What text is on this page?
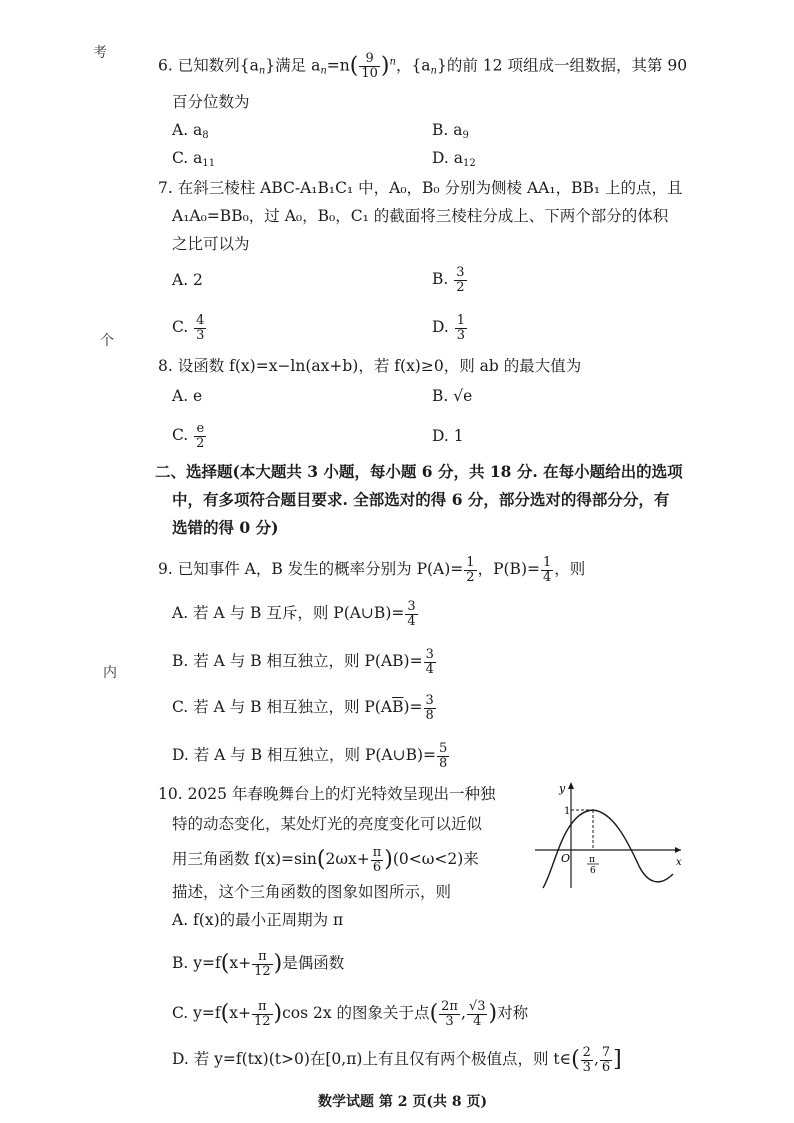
考
个
内
6. 已知数列$\{a_n\}$满足 $a_n=n( \frac{9}{10} )^n$，$\{a_n\}$的前 12 项组成一组数据，其第 90
百分位数为
A. $a_8$	B. $a_9$
C. $a_{11}$	D. $a_{12}$
7. 在斜三棱柱 ABC-A₁B₁C₁ 中，A₀，B₀ 分别为侧棱 AA₁，BB₁ 上的点，且
A₁A₀=BB₀，过 A₀，B₀，C₁ 的截面将三棱柱分成上、下两个部分的体积
之比可以为
A. 2	B. $\frac{3}{2}$
C. $\frac{4}{3}$	D. $\frac{1}{3}$
8. 设函数 f(x)=x−ln(ax+b)，若 f(x)≥0，则 ab 的最大值为
A. e	B. √e
C. $\frac{e}{2}$	D. 1
二、选择题(本大题共 3 小题，每小题 6 分，共 18 分. 在每小题给出的选项
中，有多项符合题目要求. 全部选对的得 6 分，部分选对的得部分分，有
选错的得 0 分)
9. 已知事件 A，B 发生的概率分别为 $P(A)= \frac{1}{2}$ ，$P(B)= \frac{1}{4}$ ，则
A. 若 A 与 B 互斥，则 P(A∪B)= $\frac{3}{4}$
B. 若 A 与 B 相互独立，则 $P(AB)= \frac{3}{4}$
C. 若 A 与 B 相互独立，则 $P(A\overline{B})= \frac{3}{8}$
D. 若 A 与 B 相互独立，则 P(A∪B)= $\frac{5}{8}$
10. 2025 年春晚舞台上的灯光特效呈现出一种独
特的动态变化，某处灯光的亮度变化可以近似
用三角函数 $f(x)=\sin(2\omega x+ \frac{\pi}{6} )(0<\omega<2)$来
描述，这个三角函数的图象如图所示，则
A. f(x)的最小正周期为 π
B. $y=f(x+ \frac{\pi}{12}$ )是偶函数
C. $y=f(x+ \frac{\pi}{12} )\cos$ 2x 的图象关于点( $\frac{2\pi}{3}$ , $\frac{√3}{4}$ )对称
D. 若 y=f(tx)(t>0)在[0,π)上有且仅有两个极值点，则 t∈( $\frac{2}{3}$ , $\frac{7}{6}$ ]
y
x
O
1
π
6
数学试题 第 2 页(共 8 页)
